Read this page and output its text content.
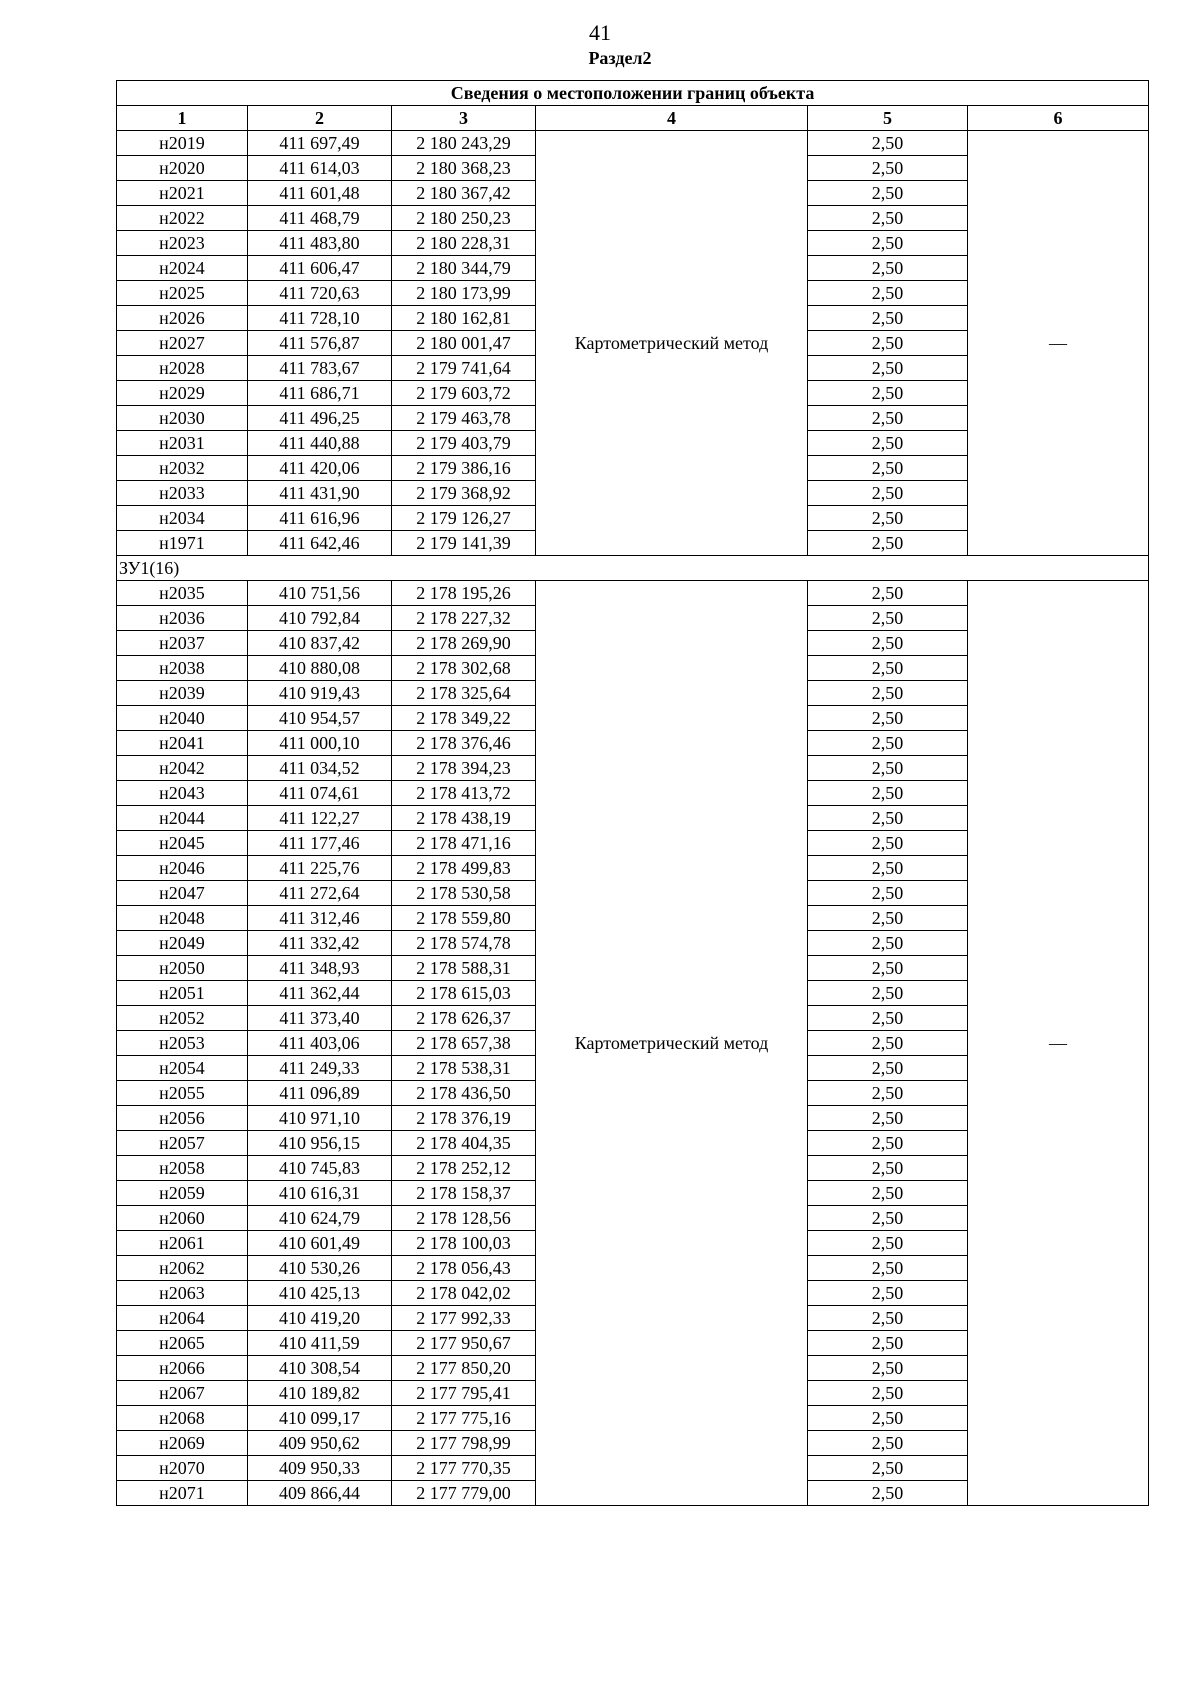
41
Раздел2
Сведения о местоположении границ объекта					
1	2	3	4	5	6
н2019	411 697,49	2 180 243,29	Картометрический метод	2,50	—
н2020	411 614,03	2 180 368,23		2,50	
н2021	411 601,48	2 180 367,42		2,50	
н2022	411 468,79	2 180 250,23		2,50	
н2023	411 483,80	2 180 228,31		2,50	
н2024	411 606,47	2 180 344,79		2,50	
н2025	411 720,63	2 180 173,99		2,50	
н2026	411 728,10	2 180 162,81		2,50	
н2027	411 576,87	2 180 001,47		2,50	
н2028	411 783,67	2 179 741,64		2,50	
н2029	411 686,71	2 179 603,72		2,50	
н2030	411 496,25	2 179 463,78		2,50	
н2031	411 440,88	2 179 403,79		2,50	
н2032	411 420,06	2 179 386,16		2,50	
н2033	411 431,90	2 179 368,92		2,50	
н2034	411 616,96	2 179 126,27		2,50	
н1971	411 642,46	2 179 141,39		2,50	
ЗУ1(16)					
н2035	410 751,56	2 178 195,26	Картометрический метод	2,50	—
н2036	410 792,84	2 178 227,32		2,50	
н2037	410 837,42	2 178 269,90		2,50	
н2038	410 880,08	2 178 302,68		2,50	
н2039	410 919,43	2 178 325,64		2,50	
н2040	410 954,57	2 178 349,22		2,50	
н2041	411 000,10	2 178 376,46		2,50	
н2042	411 034,52	2 178 394,23		2,50	
н2043	411 074,61	2 178 413,72		2,50	
н2044	411 122,27	2 178 438,19		2,50	
н2045	411 177,46	2 178 471,16		2,50	
н2046	411 225,76	2 178 499,83		2,50	
н2047	411 272,64	2 178 530,58		2,50	
н2048	411 312,46	2 178 559,80		2,50	
н2049	411 332,42	2 178 574,78		2,50	
н2050	411 348,93	2 178 588,31		2,50	
н2051	411 362,44	2 178 615,03		2,50	
н2052	411 373,40	2 178 626,37		2,50	
н2053	411 403,06	2 178 657,38		2,50	
н2054	411 249,33	2 178 538,31		2,50	
н2055	411 096,89	2 178 436,50		2,50	
н2056	410 971,10	2 178 376,19		2,50	
н2057	410 956,15	2 178 404,35		2,50	
н2058	410 745,83	2 178 252,12		2,50	
н2059	410 616,31	2 178 158,37		2,50	
н2060	410 624,79	2 178 128,56		2,50	
н2061	410 601,49	2 178 100,03		2,50	
н2062	410 530,26	2 178 056,43		2,50	
н2063	410 425,13	2 178 042,02		2,50	
н2064	410 419,20	2 177 992,33		2,50	
н2065	410 411,59	2 177 950,67		2,50	
н2066	410 308,54	2 177 850,20		2,50	
н2067	410 189,82	2 177 795,41		2,50	
н2068	410 099,17	2 177 775,16		2,50	
н2069	409 950,62	2 177 798,99		2,50	
н2070	409 950,33	2 177 770,35		2,50	
н2071	409 866,44	2 177 779,00		2,50	
